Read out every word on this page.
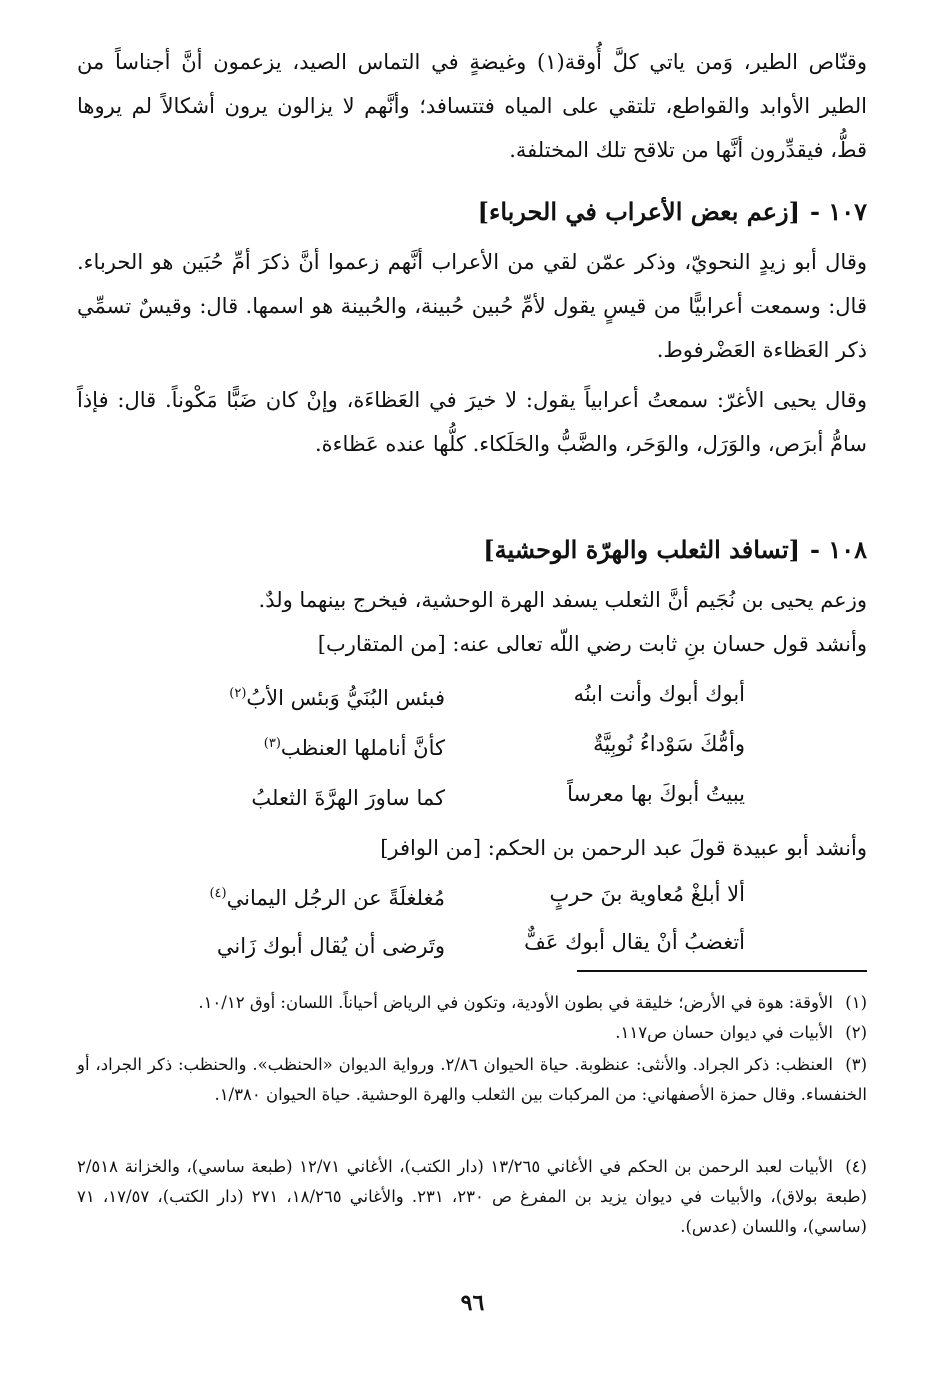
وقنّاص الطير، وَمن ياتي كلَّ أُوقة(١) وغيضةٍ في التماس الصيد، يزعمون أنَّ أجناساً من الطير الأوابد والقواطع، تلتقي على المياه فتتسافد؛ وأنَّهم لا يزالون يرون أشكالاً لم يروها قطُّ، فيقدِّرون أنَّها من تلاقح تلك المختلفة.
١٠٧ -[زعم بعض الأعراب في الحرباء]
وقال أبو زيدٍ النحويّ، وذكر عمّن لقي من الأعراب أنَّهم زعموا أنَّ ذكرَ أمِّ حُبَين هو الحرباء. قال: وسمعت أعرابيًّا من قيسٍ يقول لأمِّ حُبين حُبينة، والحُبينة هو اسمها. قال: وقيسٌ تسمِّي ذكر العَظاءة العَضْرفوط.
وقال يحيى الأغرّ: سمعتُ أعرابياً يقول: لا خيرَ في العَظاءَة، وإنْ كان ضَبًّا مَكْوناً. قال: فإذاً سامُّ أبرَص، والوَرَل، والوَحَر، والضَّبُّ والحَلَكاء. كلُّها عنده عَظاءة.
١٠٨ -[تسافد الثعلب والهرّة الوحشية]
وزعم يحيى بن نُجَيم أنَّ الثعلب يسفد الهرة الوحشية، فيخرج بينهما ولدٌ.
وأنشد قول حسان بنِ ثابت رضي اللّه تعالى عنه: [من المتقارب]
أبوك أبوك وأنت ابنُه
فبئس البُنَيُّ وَبئس الأبُ$^{(٢)}$
وأمُّكَ سَوْداءُ نُوبِيَّةٌ
كأنَّ أناملها العنظب$^{(٣)}$
يبيتُ أبوكَ بها معرساً
كما ساورَ الهرَّةَ الثعلبُ
وأنشد أبو عبيدة قولَ عبد الرحمن بن الحكم: [من الوافر]
ألا أبلغْ مُعاوية بنَ حربٍ
مُغلغلَةً عن الرجُل اليماني$^{(٤)}$
أتغضبُ أنْ يقال أبوك عَفٌّ
وتَرضى أن يُقال أبوك زَاني
(١)الأوقة: هوة في الأرض؛ خليقة في بطون الأودية، وتكون في الرياض أحياناً. اللسان: أوق ١٠/١٢.
(٢)الأبيات في ديوان حسان ص١١٧.
(٣)العنظب: ذكر الجراد. والأنثى: عنظوبة. حياة الحيوان ٢/٨٦. ورواية الديوان «الحنظب». والحنظب: ذكر الجراد، أو الخنفساء. وقال حمزة الأصفهاني: من المركبات بين الثعلب والهرة الوحشية. حياة الحيوان ١/٣٨٠.
(٤)الأبيات لعبد الرحمن بن الحكم في الأغاني ١٣/٢٦٥ (دار الكتب)، الأغاني ١٢/٧١ (طبعة ساسي)، والخزانة ٢/٥١٨ (طبعة بولاق)، والأبيات في ديوان يزيد بن المفرغ ص ٢٣٠، ٢٣١. والأغاني ١٨/٢٦٥، ٢٧١ (دار الكتب)، ١٧/٥٧، ٧١ (ساسي)، واللسان (عدس).
٩٦
